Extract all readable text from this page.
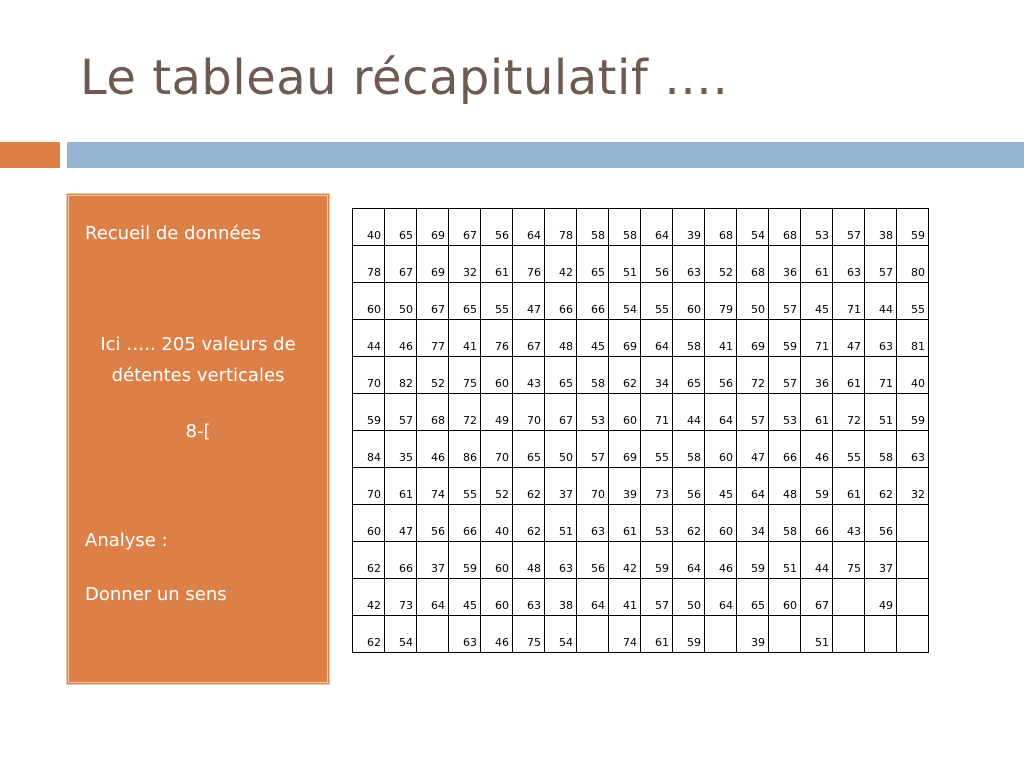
Le tableau récapitulatif ….
Recueil de données
Ici ….. 205 valeurs de
détentes verticales
8-[
Analyse :
Donner un sens
40	65	69	67	56	64	78	58	58	64	39	68	54	68	53	57	38	59
78	67	69	32	61	76	42	65	51	56	63	52	68	36	61	63	57	80
60	50	67	65	55	47	66	66	54	55	60	79	50	57	45	71	44	55
44	46	77	41	76	67	48	45	69	64	58	41	69	59	71	47	63	81
70	82	52	75	60	43	65	58	62	34	65	56	72	57	36	61	71	40
59	57	68	72	49	70	67	53	60	71	44	64	57	53	61	72	51	59
84	35	46	86	70	65	50	57	69	55	58	60	47	66	46	55	58	63
70	61	74	55	52	62	37	70	39	73	56	45	64	48	59	61	62	32
60	47	56	66	40	62	51	63	61	53	62	60	34	58	66	43	56	
62	66	37	59	60	48	63	56	42	59	64	46	59	51	44	75	37	
42	73	64	45	60	63	38	64	41	57	50	64	65	60	67		49	
62	54		63	46	75	54		74	61	59		39		51			
